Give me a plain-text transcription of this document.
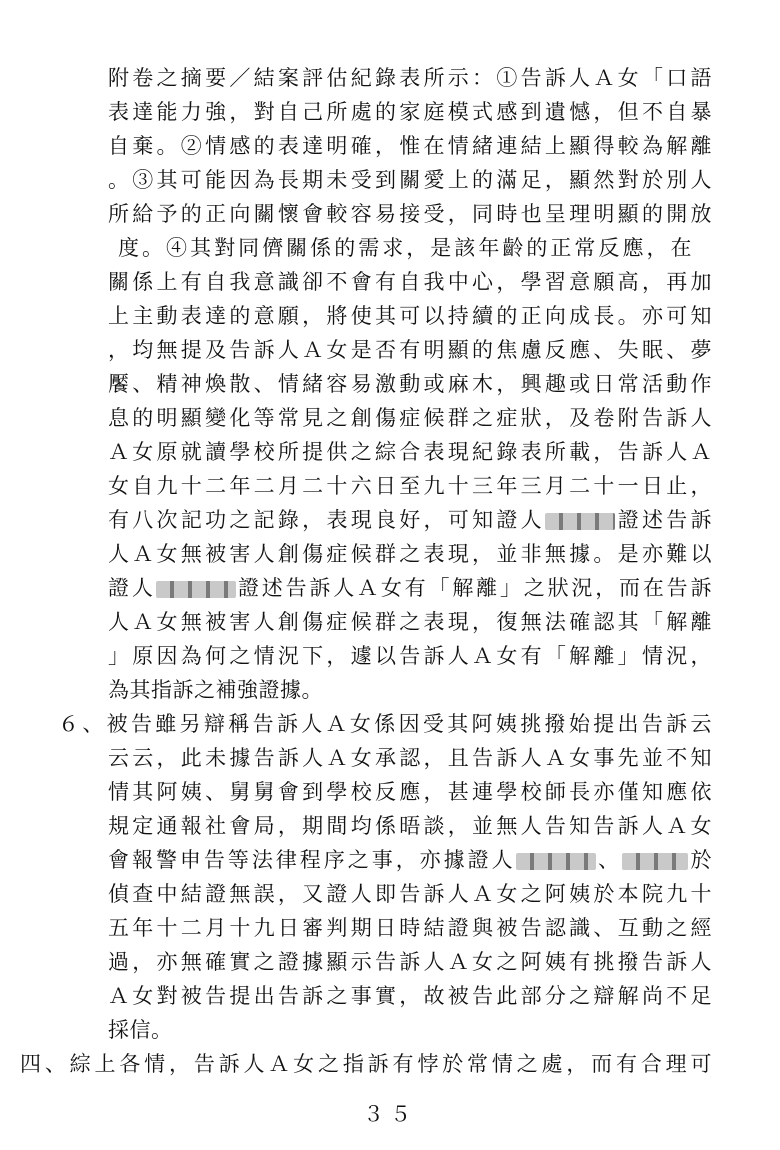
附卷之摘要／結案評估紀錄表所示：①告訴人Ａ女「口語
表達能力強，對自己所處的家庭模式感到遺憾，但不自暴
自棄。②情感的表達明確，惟在情緒連結上顯得較為解離
。③其可能因為長期未受到關愛上的滿足，顯然對於別人
所給予的正向關懷會較容易接受，同時也呈理明顯的開放
度。④其對同儕關係的需求，是該年齡的正常反應，在
關係上有自我意識卻不會有自我中心，學習意願高，再加
上主動表達的意願，將使其可以持續的正向成長。亦可知
，均無提及告訴人Ａ女是否有明顯的焦慮反應、失眠、夢
饜、精神煥散、情緒容易激動或麻木，興趣或日常活動作
息的明顯變化等常見之創傷症候群之症狀，及卷附告訴人
Ａ女原就讀學校所提供之綜合表現紀錄表所載，告訴人Ａ
女自九十二年二月二十六日至九十三年三月二十一日止，
有八次記功之記錄，表現良好，可知證人	證述告訴
人Ａ女無被害人創傷症候群之表現，並非無據。是亦難以
證人	證述告訴人Ａ女有「解離」之狀況，而在告訴
人Ａ女無被害人創傷症候群之表現，復無法確認其「解離
」原因為何之情況下，遽以告訴人Ａ女有「解離」情況，
為其指訴之補強證據。
６、被告雖另辯稱告訴人Ａ女係因受其阿姨挑撥始提出告訴云
云云，此未據告訴人Ａ女承認，且告訴人Ａ女事先並不知
情其阿姨、舅舅會到學校反應，甚連學校師長亦僅知應依
規定通報社會局，期間均係晤談，並無人告知告訴人Ａ女
會報警申告等法律程序之事，亦據證人	、	於
偵查中結證無誤，又證人即告訴人Ａ女之阿姨於本院九十
五年十二月十九日審判期日時結證與被告認識、互動之經
過，亦無確實之證據顯示告訴人Ａ女之阿姨有挑撥告訴人
Ａ女對被告提出告訴之事實，故被告此部分之辯解尚不足
採信。
四、綜上各情，告訴人Ａ女之指訴有悖於常情之處，而有合理可
３５
